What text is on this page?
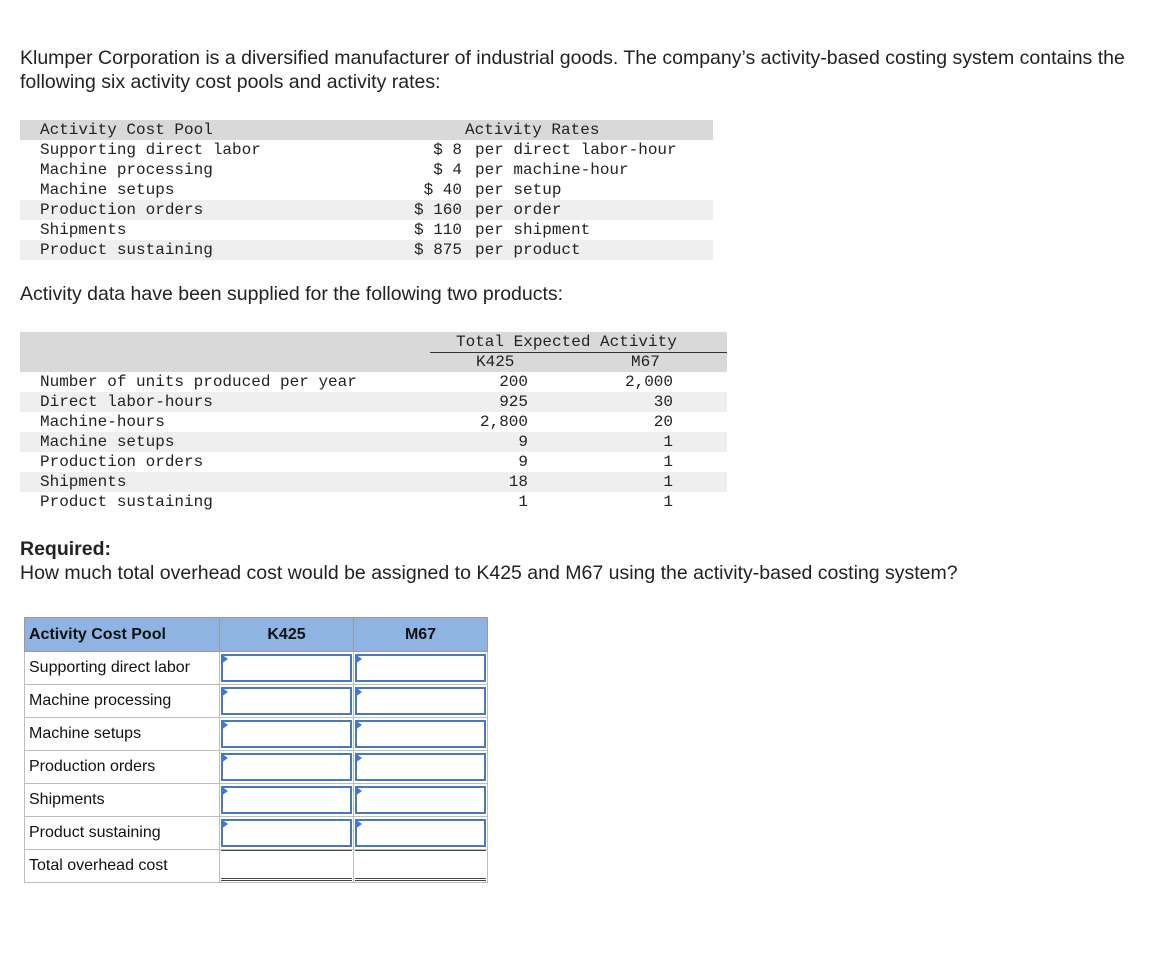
Klumper Corporation is a diversified manufacturer of industrial goods. The company’s activity-based costing system contains the following six activity cost pools and activity rates:

Activity Cost Pool	Activity Rates
Supporting direct labor	$ 8 per direct labor-hour
Machine processing	$ 4 per machine-hour
Machine setups	$ 40 per setup
Production orders	$ 160 per order
Shipments	$ 110 per shipment
Product sustaining	$ 875 per product

Activity data have been supplied for the following two products:

Total Expected Activity
K425	M67
Number of units produced per year	200	2,000
Direct labor-hours	925	30
Machine-hours	2,800	20
Machine setups	9	1
Production orders	9	1
Shipments	18	1
Product sustaining	1	1
Required:
How much total overhead cost would be assigned to K425 and M67 using the activity-based costing system?
Activity Cost Pool	K425	M67
Supporting direct labor	

Machine processing	

Machine setups	

Production orders	

Shipments	

Product sustaining	

Total overhead cost	
